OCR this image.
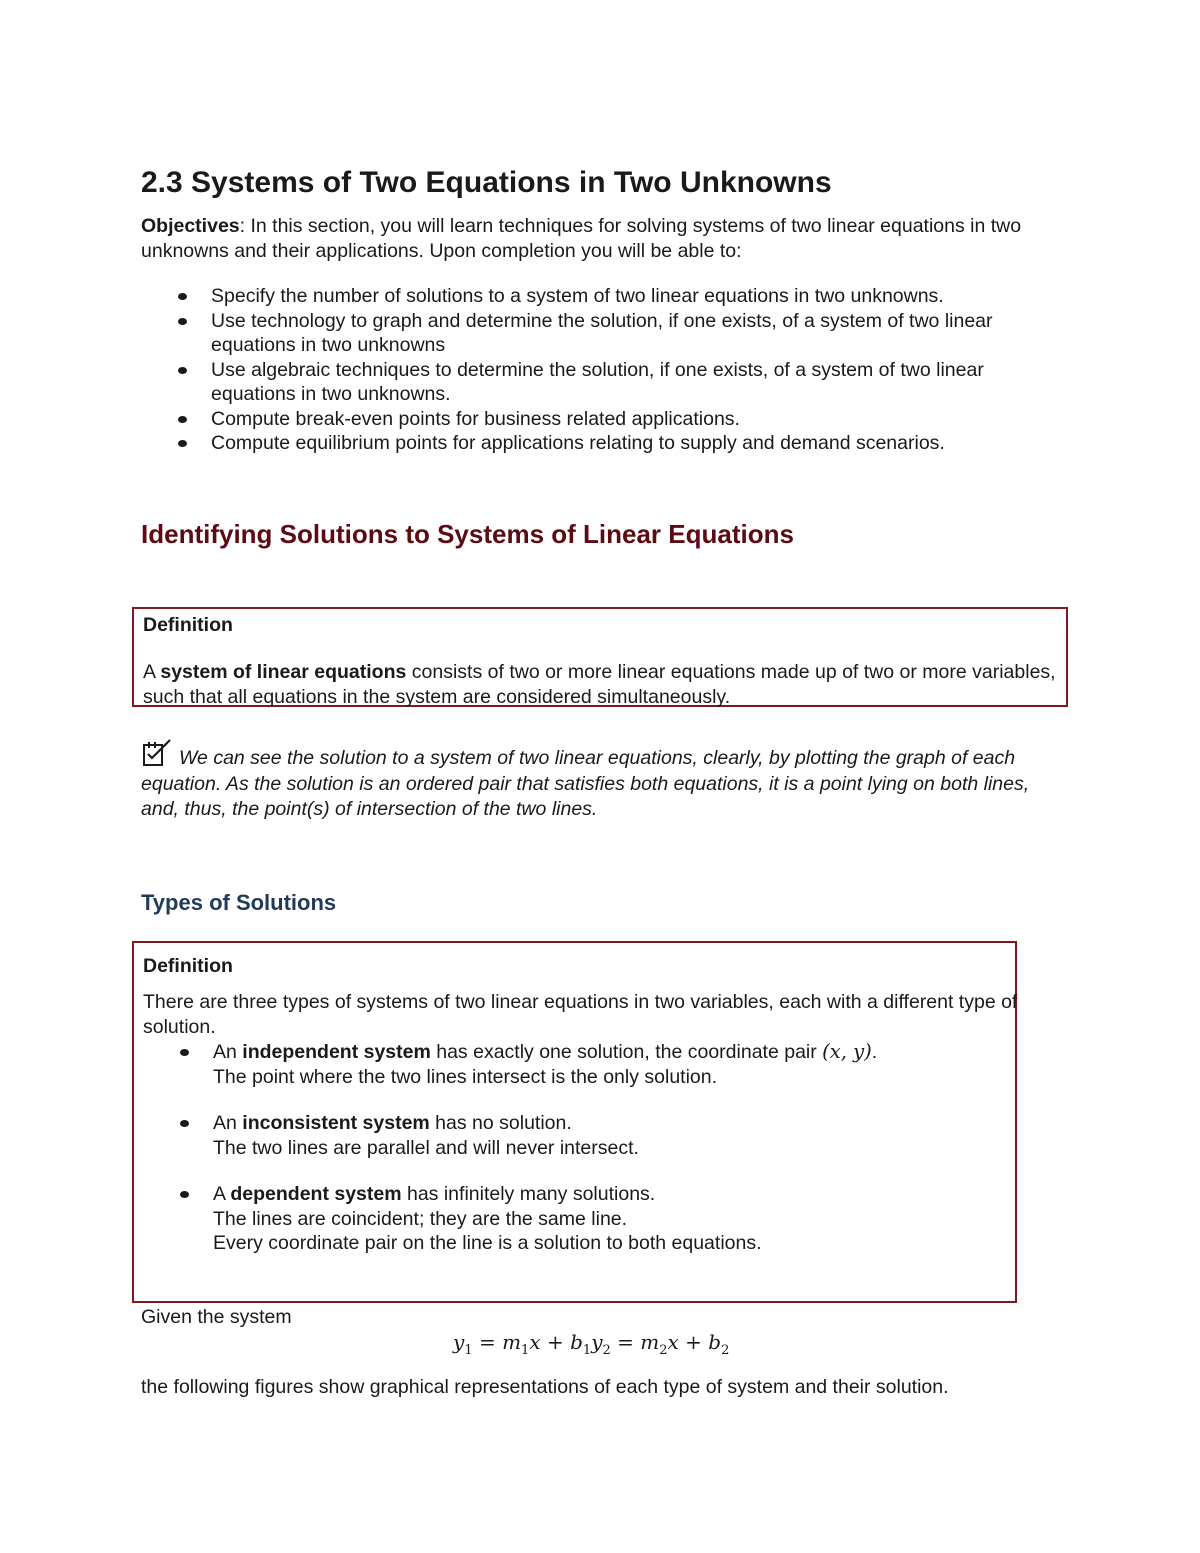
2.3 Systems of Two Equations in Two Unknowns

Objectives: In this section, you will learn techniques for solving systems of two linear equations in two unknowns and their applications. Upon completion you will be able to:

Specify the number of solutions to a system of two linear equations in two unknowns.
Use technology to graph and determine the solution, if one exists, of a system of two linear equations in two unknowns
Use algebraic techniques to determine the solution, if one exists, of a system of two linear equations in two unknowns.
Compute break-even points for business related applications.
Compute equilibrium points for applications relating to supply and demand scenarios.
Identifying Solutions to Systems of Linear Equations
Definition
A system of linear equations consists of two or more linear equations made up of two or more variables, such that all equations in the system are considered simultaneously.
We can see the solution to a system of two linear equations, clearly, by plotting the graph of each equation. As the solution is an ordered pair that satisfies both equations, it is a point lying on both lines, and, thus, the point(s) of intersection of the two lines.
Types of Solutions
Definition
There are three types of systems of two linear equations in two variables, each with a different type of solution.
An independent system has exactly one solution, the coordinate pair (x, y).
The point where the two lines intersect is the only solution.
An inconsistent system has no solution.
The two lines are parallel and will never intersect.
A dependent system has infinitely many solutions.
The lines are coincident; they are the same line.
Every coordinate pair on the line is a solution to both equations.
Given the system
$y_1 = m_1x + b_1y_2 = m_2x + b_2$
the following figures show graphical representations of each type of system and their solution.
